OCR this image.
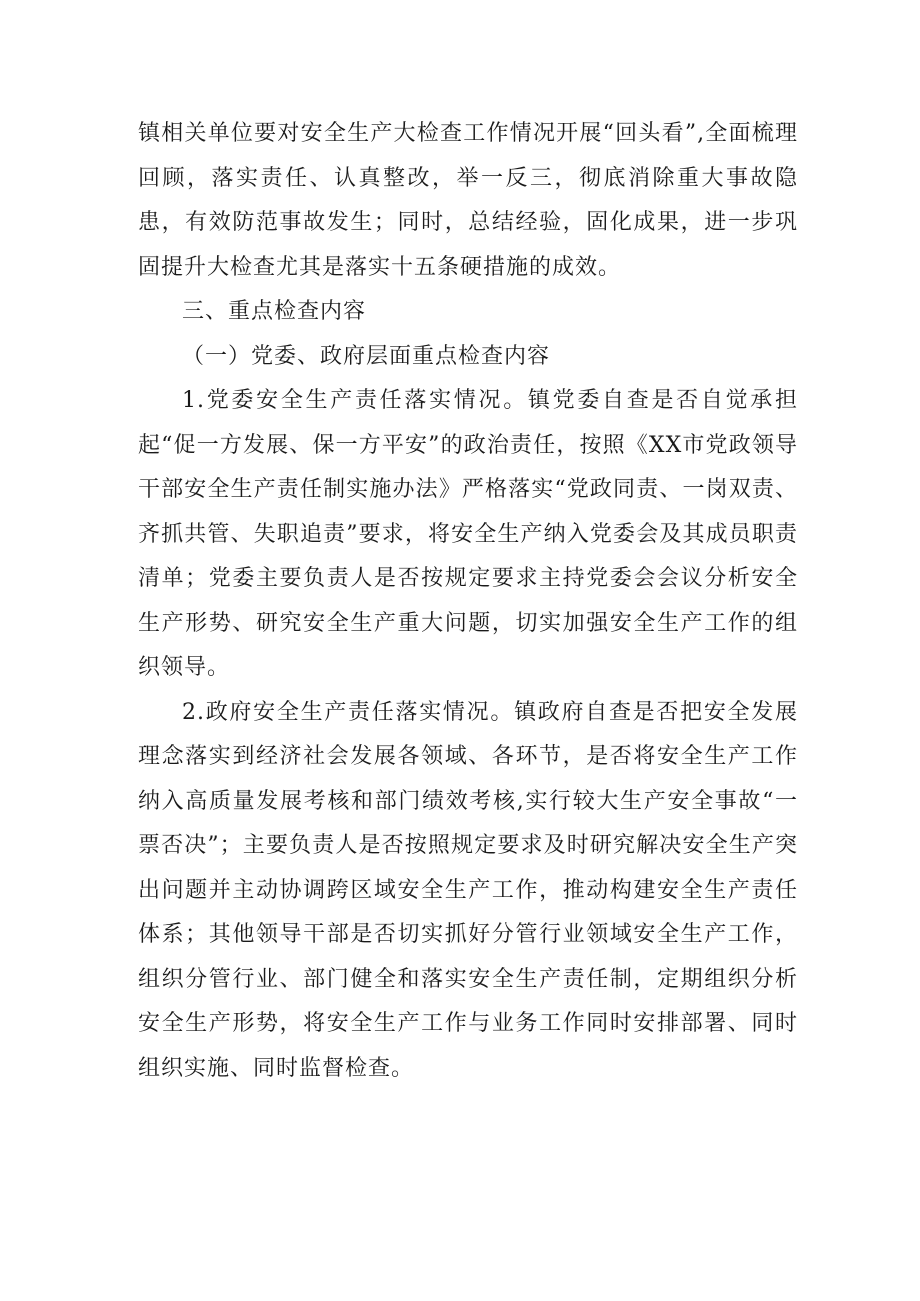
镇相关单位要对安全生产大检查工作情况开展“回头看”,全面梳理回顾，落实责任、认真整改，举一反三，彻底消除重大事故隐患，有效防范事故发生；同时，总结经验，固化成果，进一步巩固提升大检查尤其是落实十五条硬措施的成效。

三、重点检查内容

（一）党委、政府层面重点检查内容

1.党委安全生产责任落实情况。镇党委自查是否自觉承担起“促一方发展、保一方平安”的政治责任，按照《XX市党政领导干部安全生产责任制实施办法》严格落实“党政同责、一岗双责、齐抓共管、失职追责”要求，将安全生产纳入党委会及其成员职责清单；党委主要负责人是否按规定要求主持党委会会议分析安全生产形势、研究安全生产重大问题，切实加强安全生产工作的组织领导。

2.政府安全生产责任落实情况。镇政府自查是否把安全发展理念落实到经济社会发展各领域、各环节，是否将安全生产工作纳入高质量发展考核和部门绩效考核,实行较大生产安全事故“一票否决”；主要负责人是否按照规定要求及时研究解决安全生产突出问题并主动协调跨区域安全生产工作，推动构建安全生产责任体系；其他领导干部是否切实抓好分管行业领域安全生产工作，组织分管行业、部门健全和落实安全生产责任制，定期组织分析安全生产形势，将安全生产工作与业务工作同时安排部署、同时组织实施、同时监督检查。
